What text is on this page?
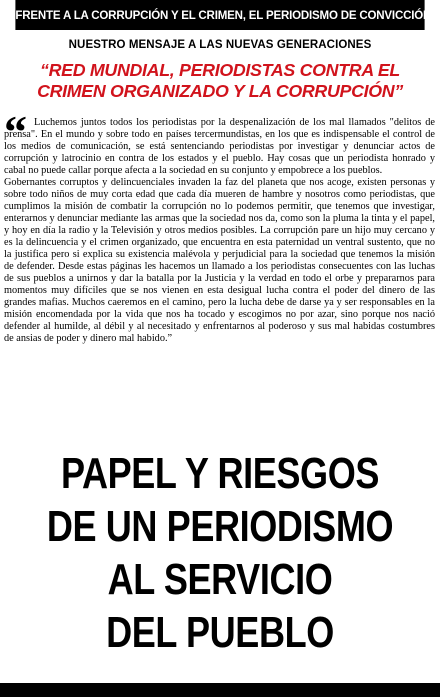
FRENTE A LA CORRUPCIÓN Y EL CRIMEN, EL PERIODISMO DE CONVICCIÓN
NUESTRO MENSAJE A LAS NUEVAS GENERACIONES
“RED MUNDIAL, PERIODISTAS CONTRA EL
CRIMEN ORGANIZADO Y LA CORRUPCIÓN”
“ Luchemos juntos todos los periodistas por la despenalización de los mal llamados "delitos de prensa". En el mundo y sobre todo en países tercermundistas, en los que es indispensable el control de los medios de comunicación, se está sentenciando periodistas por investigar y denunciar actos de corrupción y latrocinio en contra de los estados y el pueblo. Hay cosas que un periodista honrado y cabal no puede callar porque afecta a la sociedad en su conjunto y empobrece a los pueblos.

Gobernantes corruptos y delincuenciales invaden la faz del planeta que nos acoge, existen personas y sobre todo niños de muy corta edad que cada día mueren de hambre y nosotros como periodistas, que cumplimos la misión de combatir la corrupción no lo podemos permitir, que tenemos que investigar, enterarnos y denunciar mediante las armas que la sociedad nos da, como son la pluma la tinta y el papel, y hoy en día la radio y la Televisión y otros medios posibles. La corrupción pare un hijo muy cercano y es la delincuencia y el crimen organizado, que encuentra en esta paternidad un ventral sustento, que no la justifica pero si explica su existencia malévola y perjudicial para la sociedad que tenemos la misión de defender. Desde estas páginas les hacemos un llamado a los periodistas consecuentes con las luchas de sus pueblos a unirnos y dar la batalla por la Justicia y la verdad en todo el orbe y prepararnos para momentos muy difíciles que se nos vienen en esta desigual lucha contra el poder del dinero de las grandes mafias. Muchos caeremos en el camino, pero la lucha debe de darse ya y ser responsables en la misión encomendada por la vida que nos ha tocado y escogimos no por azar, sino porque nos nació defender al humilde, al débil y al necesitado y enfrentarnos al poderoso y sus mal habidas costumbres de ansias de poder y dinero mal habido.”

PAPEL Y RIESGOS
DE UN PERIODISMO
AL SERVICIO
DEL PUEBLO
